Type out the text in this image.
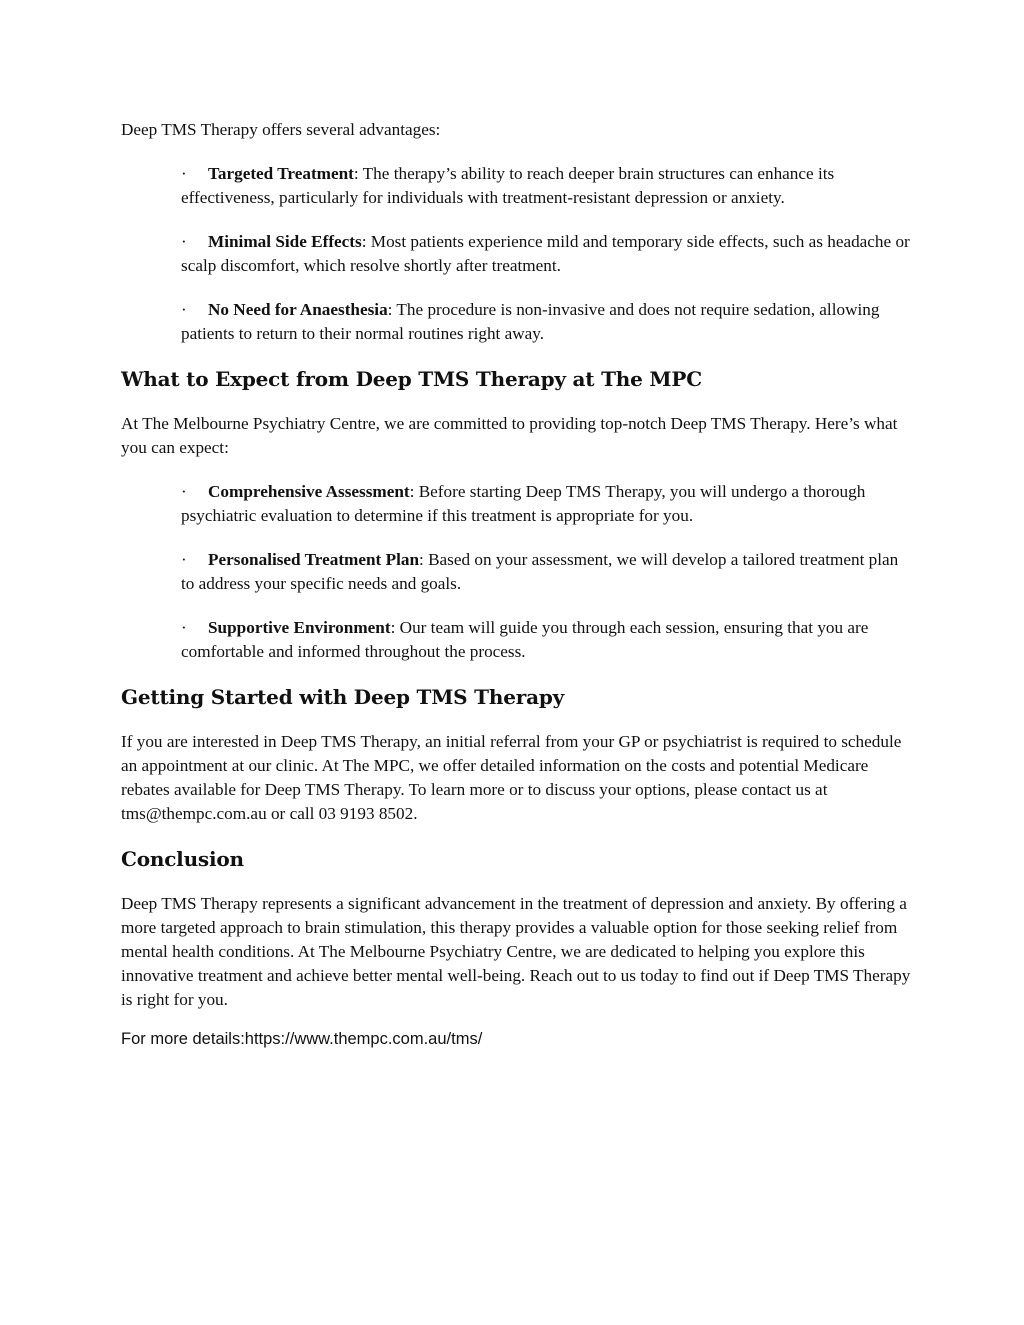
Deep TMS Therapy offers several advantages:

· Targeted Treatment: The therapy’s ability to reach deeper brain structures can enhance its effectiveness, particularly for individuals with treatment-resistant depression or anxiety.

· Minimal Side Effects: Most patients experience mild and temporary side effects, such as headache or scalp discomfort, which resolve shortly after treatment.

· No Need for Anaesthesia: The procedure is non-invasive and does not require sedation, allowing patients to return to their normal routines right away.

What to Expect from Deep TMS Therapy at The MPC

At The Melbourne Psychiatry Centre, we are committed to providing top-notch Deep TMS Therapy. Here’s what you can expect:

· Comprehensive Assessment: Before starting Deep TMS Therapy, you will undergo a thorough psychiatric evaluation to determine if this treatment is appropriate for you.

· Personalised Treatment Plan: Based on your assessment, we will develop a tailored treatment plan to address your specific needs and goals.

· Supportive Environment: Our team will guide you through each session, ensuring that you are comfortable and informed throughout the process.

Getting Started with Deep TMS Therapy

If you are interested in Deep TMS Therapy, an initial referral from your GP or psychiatrist is required to schedule an appointment at our clinic. At The MPC, we offer detailed information on the costs and potential Medicare rebates available for Deep TMS Therapy. To learn more or to discuss your options, please contact us at tms@thempc.com.au or call 03 9193 8502.

Conclusion

Deep TMS Therapy represents a significant advancement in the treatment of depression and anxiety. By offering a more targeted approach to brain stimulation, this therapy provides a valuable option for those seeking relief from mental health conditions. At The Melbourne Psychiatry Centre, we are dedicated to helping you explore this innovative treatment and achieve better mental well-being. Reach out to us today to find out if Deep TMS Therapy is right for you.

For more details:https://www.thempc.com.au/tms/
